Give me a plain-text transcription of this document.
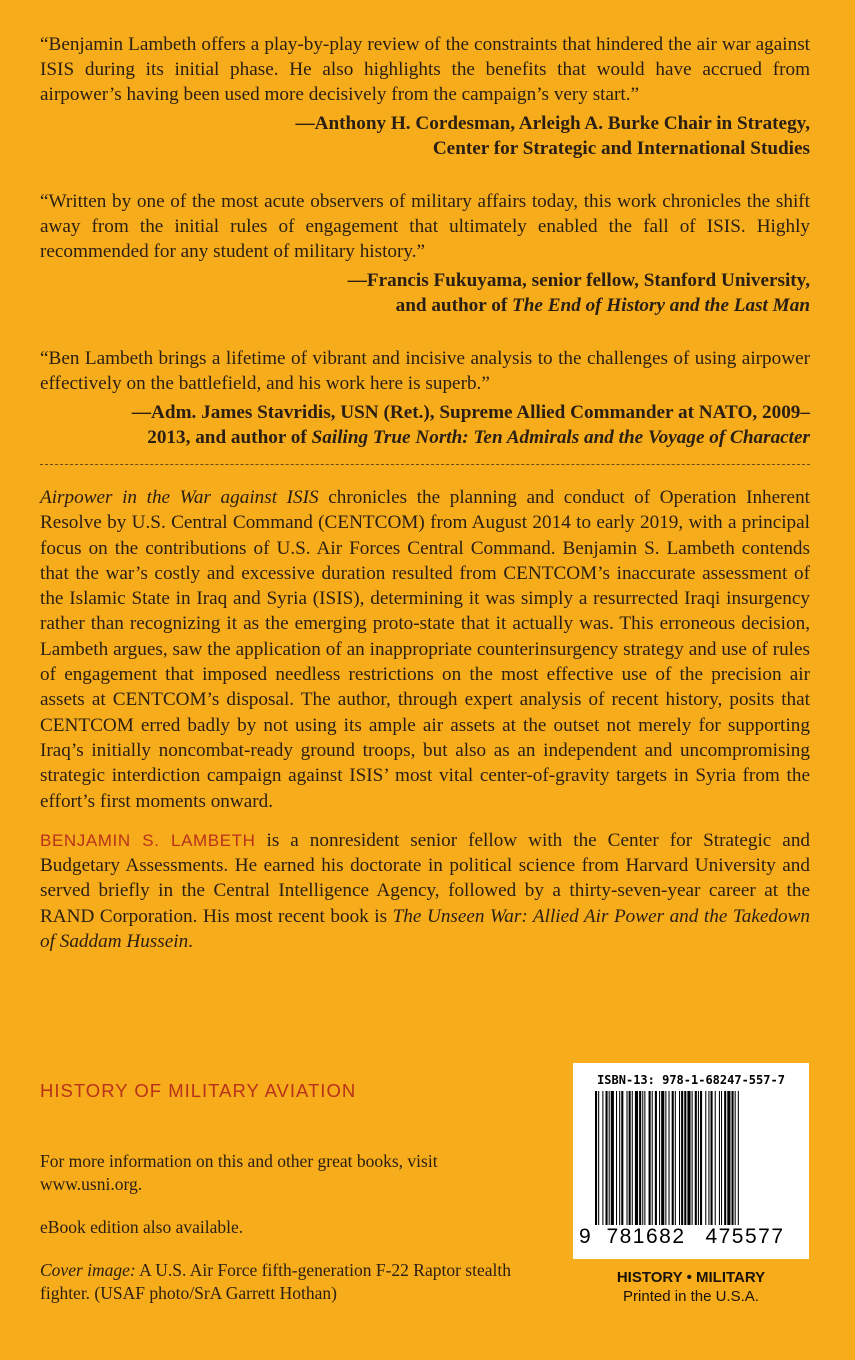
“Benjamin Lambeth offers a play-by-play review of the constraints that hindered the air war against ISIS during its initial phase. He also highlights the benefits that would have accrued from airpower’s having been used more decisively from the campaign’s very start.”

—Anthony H. Cordesman, Arleigh A. Burke Chair in Strategy,
Center for Strategic and International Studies

“Written by one of the most acute observers of military affairs today, this work chronicles the shift away from the initial rules of engagement that ultimately enabled the fall of ISIS. Highly recommended for any student of military history.”

—Francis Fukuyama, senior fellow, Stanford University,
and author of The End of History and the Last Man

“Ben Lambeth brings a lifetime of vibrant and incisive analysis to the challenges of using airpower effectively on the battlefield, and his work here is superb.”

—Adm. James Stavridis, USN (Ret.), Supreme Allied Commander at NATO, 2009–
2013, and author of Sailing True North: Ten Admirals and the Voyage of Character
Airpower in the War against ISIS chronicles the planning and conduct of Operation Inherent Resolve by U.S. Central Command (CENTCOM) from August 2014 to early 2019, with a principal focus on the contributions of U.S. Air Forces Central Command. Benjamin S. Lambeth contends that the war’s costly and excessive duration resulted from CENTCOM’s inaccurate assessment of the Islamic State in Iraq and Syria (ISIS), determining it was simply a resurrected Iraqi insurgency rather than recognizing it as the emerging proto-state that it actually was. This erroneous decision, Lambeth argues, saw the application of an inappropriate counterinsurgency strategy and use of rules of engagement that imposed needless restrictions on the most effective use of the precision air assets at CENTCOM’s disposal. The author, through expert analysis of recent history, posits that CENTCOM erred badly by not using its ample air assets at the outset not merely for supporting Iraq’s initially noncombat-ready ground troops, but also as an independent and uncompromising strategic interdiction campaign against ISIS’ most vital center-of-gravity targets in Syria from the effort’s first moments onward.
BENJAMIN S. LAMBETH is a nonresident senior fellow with the Center for Strategic and Budgetary Assessments. He earned his doctorate in political science from Harvard University and served briefly in the Central Intelligence Agency, followed by a thirty-seven-year career at the RAND Corporation. His most recent book is The Unseen War: Allied Air Power and the Takedown of Saddam Hussein.
HISTORY OF MILITARY AVIATION

For more information on this and other great books, visit www.usni.org.

eBook edition also available.

Cover image: A U.S. Air Force fifth-generation F-22 Raptor stealth fighter. (USAF photo/SrA Garrett Hothan)

ISBN-13: 978-1-68247-557-7
9 781682 475577
HISTORY • MILITARY
Printed in the U.S.A.
